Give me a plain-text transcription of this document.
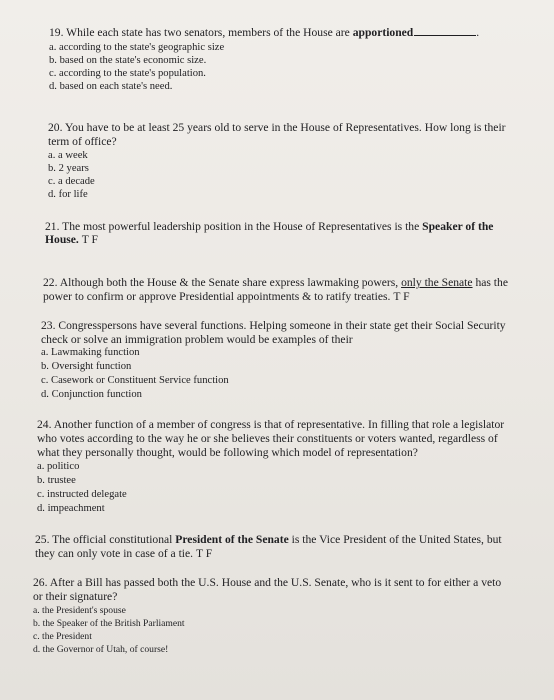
19. While each state has two senators, members of the House are apportioned	.
a. according to the state's geographic size
b. based on the state's economic size.
c. according to the state's population.
d. based on each state's need.
20. You have to be at least 25 years old to serve in the House of Representatives. How long is their
term of office?
a. a week
b. 2 years
c. a decade
d. for life
21. The most powerful leadership position in the House of Representatives is the Speaker of the
House. T F
22. Although both the House & the Senate share express lawmaking powers, only the Senate has the
power to confirm or approve Presidential appointments & to ratify treaties. T F
23. Congresspersons have several functions. Helping someone in their state get their Social Security
check or solve an immigration problem would be examples of their
a. Lawmaking function
b. Oversight function
c. Casework or Constituent Service function
d. Conjunction function
24. Another function of a member of congress is that of representative. In filling that role a legislator
who votes according to the way he or she believes their constituents or voters wanted, regardless of
what they personally thought, would be following which model of representation?
a. politico
b. trustee
c. instructed delegate
d. impeachment
25. The official constitutional President of the Senate is the Vice President of the United States, but
they can only vote in case of a tie. T F
26. After a Bill has passed both the U.S. House and the U.S. Senate, who is it sent to for either a veto
or their signature?
a. the President's spouse
b. the Speaker of the British Parliament
c. the President
d. the Governor of Utah, of course!
